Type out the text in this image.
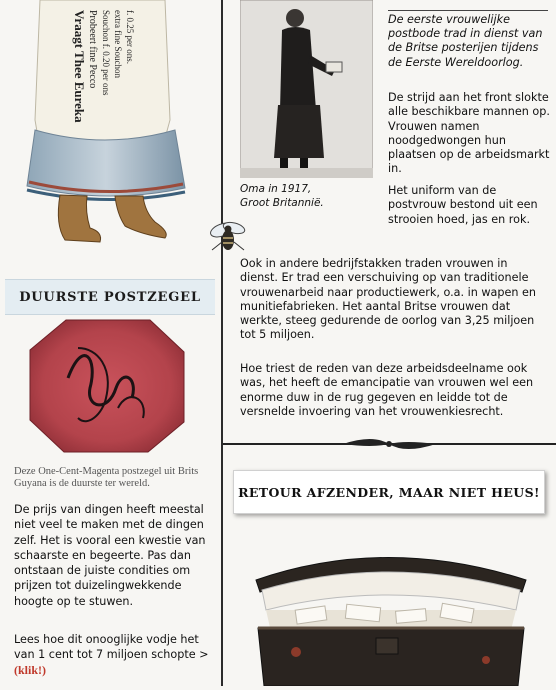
Vraagt Thee Eureka Probeert fine Pecco Souchon f. 0.20 per ons extra fine Souchon f. 0.25 per ons.
DUURSTE POSTZEGEL
Deze One-Cent-Magenta postzegel uit Brits Guyana is de duurste ter wereld.
De prijs van dingen heeft meestal niet veel te maken met de dingen zelf. Het is vooral een kwestie van schaarste en begeerte. Pas dan ontstaan de juiste condities om prijzen tot duizelingwekkende hoogte op te stuwen.
Lees hoe dit onooglijke vodje het van 1 cent tot 7 miljoen schopte > (klik!)
Oma in 1917,
Groot Britannië.
De eerste vrouwelijke postbode trad in dienst van de Britse posterijen tijdens de Eerste Wereldoorlog.
De strijd aan het front slokte alle beschikbare mannen op. Vrouwen namen noodgedwongen hun plaatsen op de arbeidsmarkt in.
Het uniform van de postvrouw bestond uit een strooien hoed, jas en rok.
Ook in andere bedrijfstakken traden vrouwen in dienst. Er trad een verschuiving op van traditionele vrouwenarbeid naar productiewerk, o.a. in wapen en munitiefabrieken. Het aantal Britse vrouwen dat werkte, steeg gedurende de oorlog van 3,25 miljoen tot 5 miljoen.
Hoe triest de reden van deze arbeidsdeelname ook was, het heeft de emancipatie van vrouwen wel een enorme duw in de rug gegeven en leidde tot de versnelde invoering van het vrouwenkiesrecht.
RETOUR AFZENDER, MAAR NIET HEUS!
